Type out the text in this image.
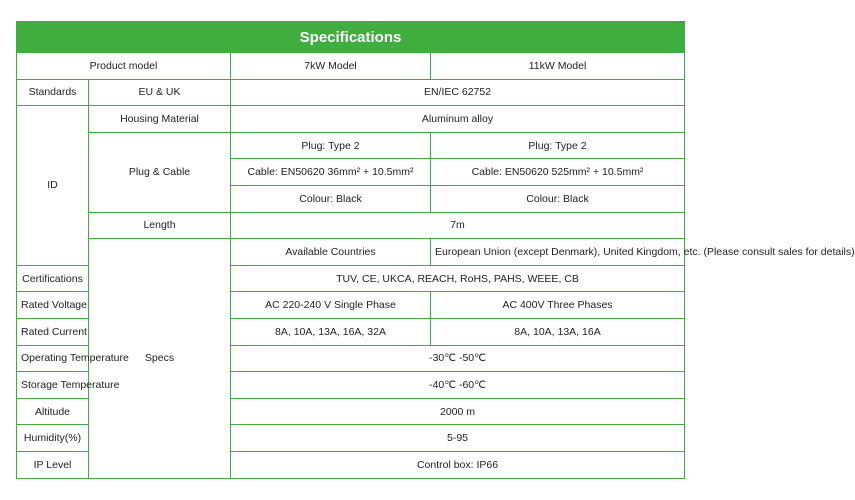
Specifications			
Product model		7kW Model	11kW Model
Standards	EU & UK	EN/IEC 62752	
ID	Housing Material	Aluminum alloy	
	Plug & Cable	Plug: Type 2	Plug: Type 2
		Cable: EN50620 36mm² + 10.5mm²	Cable: EN50620 525mm² + 10.5mm²
		Colour: Black	Colour: Black
	Length	7m	
	Specs	Available Countries	European Union (except Denmark), United Kingdom, etc. (Please consult sales for details)
Certifications		TUV, CE, UKCA, REACH, RoHS, PAHS, WEEE, CB	
Rated Voltage		AC 220-240 V Single Phase	AC 400V Three Phases
Rated Current		8A, 10A, 13A, 16A, 32A	8A, 10A, 13A, 16A
Operating Temperature		-30℃ -50℃	
Storage Temperature		-40℃ -60℃	
Altitude		2000 m	
Humidity(%)		5-95	
IP Level		Control box: IP66	
